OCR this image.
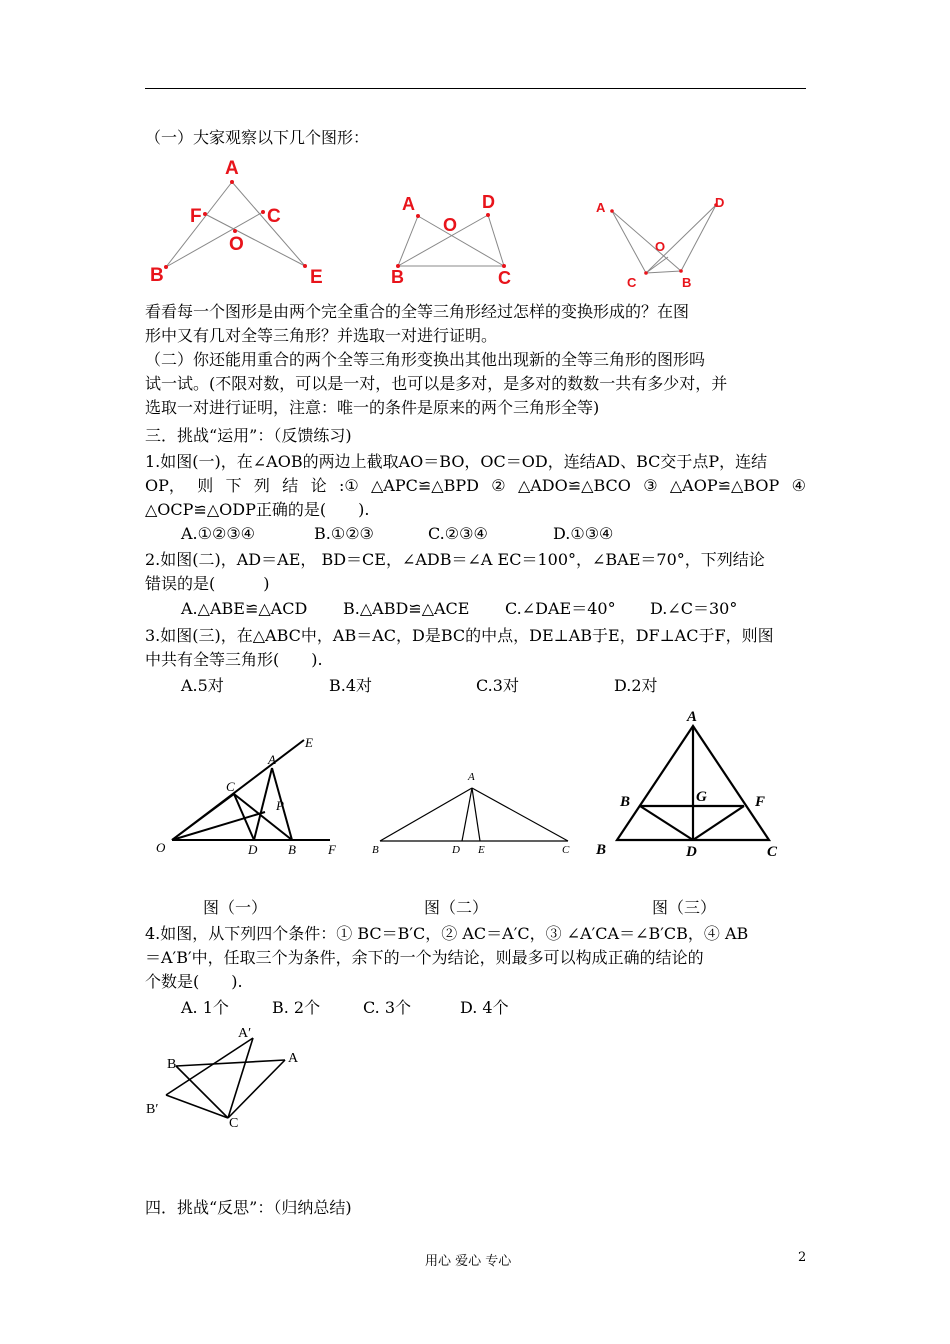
（一）大家观察以下几个图形：
A
F	C
O
B	E
A	D
O
B	C
A	D
O
C	B
看看每一个图形是由两个完全重合的全等三角形经过怎样的变换形成的？在图
形中又有几对全等三角形？并选取一对进行证明。
（二）你还能用重合的两个全等三角形变换出其他出现新的全等三角形的图形吗
试一试。(不限对数，可以是一对，也可以是多对，是多对的数数一共有多少对，并
选取一对进行证明，注意：唯一的条件是原来的两个三角形全等)
三．挑战“运用”：（反馈练习)
1.如图(一)，在∠AOB的两边上截取AO＝BO，OC＝OD，连结AD、BC交于点P，连结
OP， 则 下 列 结 论 :① △APC≌△BPD ② △ADO≌△BCO ③ △AOP≌△BOP ④
△OCP≌△ODP正确的是(　　).
A.①②③④	B.①②③	C.②③④	D.①③④
2.如图(二)，AD＝AE， BD＝CE，∠ADB＝∠A EC＝100°，∠BAE＝70°，下列结论
错误的是(　　　)
A.△ABE≌△ACD B.△ABD≌△ACE C.∠DAE＝40° D.∠C＝30°
3.如图(三)，在△ABC中，AB＝AC，D是BC的中点，DE⊥AB于E，DF⊥AC于F，则图
中共有全等三角形(　　).
A.5对	B.4对	C.3对	D.2对
E
A
C
P
O	D B F
A
B	D E	C
A
B	G	F
B	D	C
图（一）	图（二）	图（三）
4.如图，从下列四个条件：① BC＝B′C，② AC＝A′C，③ ∠A′CA＝∠B′CB，④ AB
＝A′B′中，任取三个为条件，余下的一个为结论，则最多可以构成正确的结论的
个数是(　　).
A. 1个	B. 2个	C. 3个	D. 4个
A′
B	A
B′
C
四．挑战“反思”：（归纳总结)
用心 爱心 专心	2
